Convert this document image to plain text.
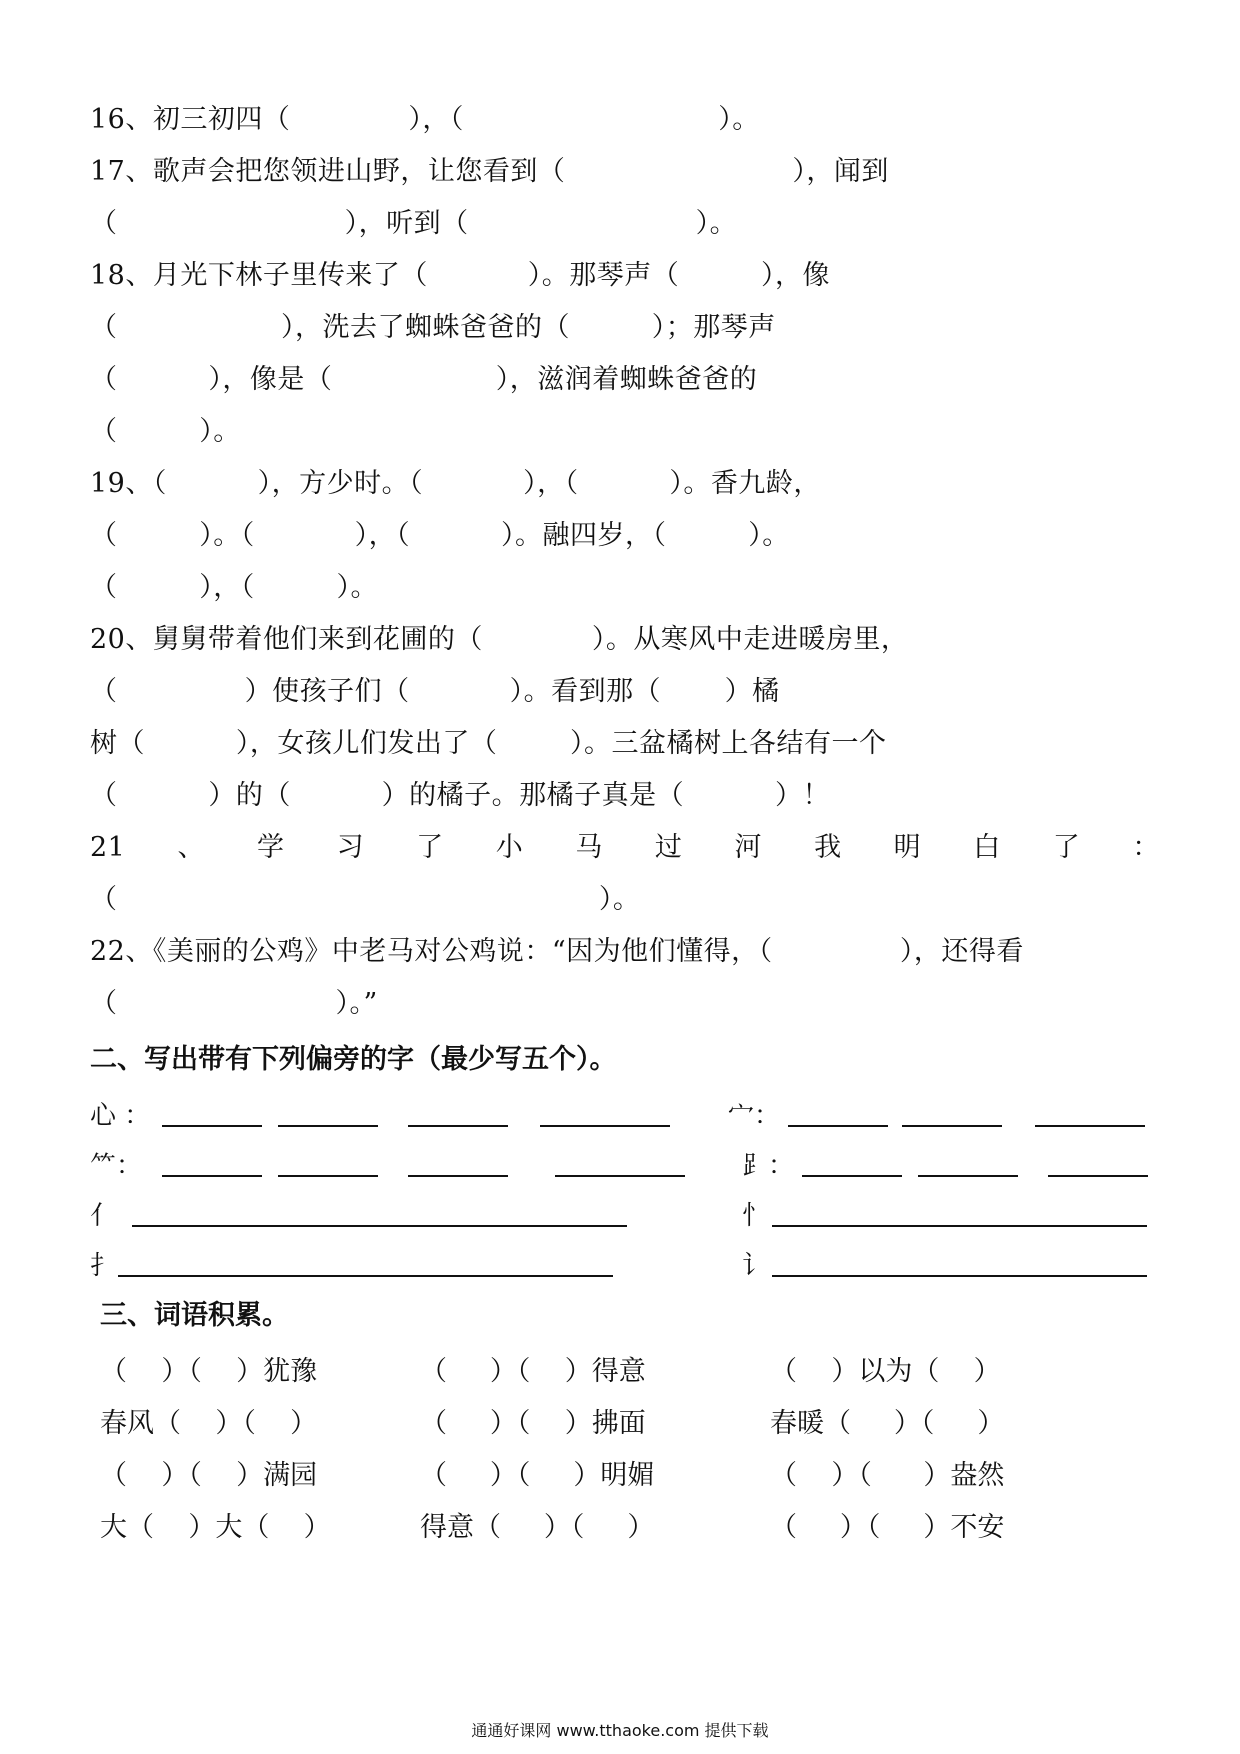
16、初三初四（             ），（                            ）。
17、歌声会把您领进山野，让您看到（                         ），闻到
（                         ），听到（                         ）。
18、月光下林子里传来了（           ）。那琴声（         ），像
（                  ），洗去了蜘蛛爸爸的（         ）；那琴声
（          ），像是（                  ），滋润着蜘蛛爸爸的
（         ）。
19、（          ），方少时。（           ），（          ）。香九龄，
（         ）。（           ），（          ）。融四岁，（         ）。
（         ），（         ）。
20、舅舅带着他们来到花圃的（            ）。从寒风中走进暖房里，
（              ）使孩子们（           ）。看到那（       ）橘
树（          ），女孩儿们发出了（        ）。三盆橘树上各结有一个
（          ）的（          ）的橘子。那橘子真是（          ）！
21 、 学 习 了 小 马 过 河 我 明 白 了 ：
（                                                     ）。
22、《美丽的公鸡》中老马对公鸡说：“因为他们懂得，（              ），还得看
（                        ）。”
二、写出带有下列偏旁的字（最少写五个）。
心 ：	宀：
⺮：	⻊：
亻	忄
扌	讠
三、词语积累。
（    ）（    ）犹豫	（     ）（    ）得意	（    ）以为（    ）
春风（    ）（    ）	（     ）（    ）拂面	春暖（     ）（     ）
（    ）（    ）满园	（     ）（     ）明媚	（    ）（      ）盎然
大（    ）大（    ）	得意（     ）（     ）	（     ）（     ）不安
通通好课网 www.tthaoke.com 提供下载
